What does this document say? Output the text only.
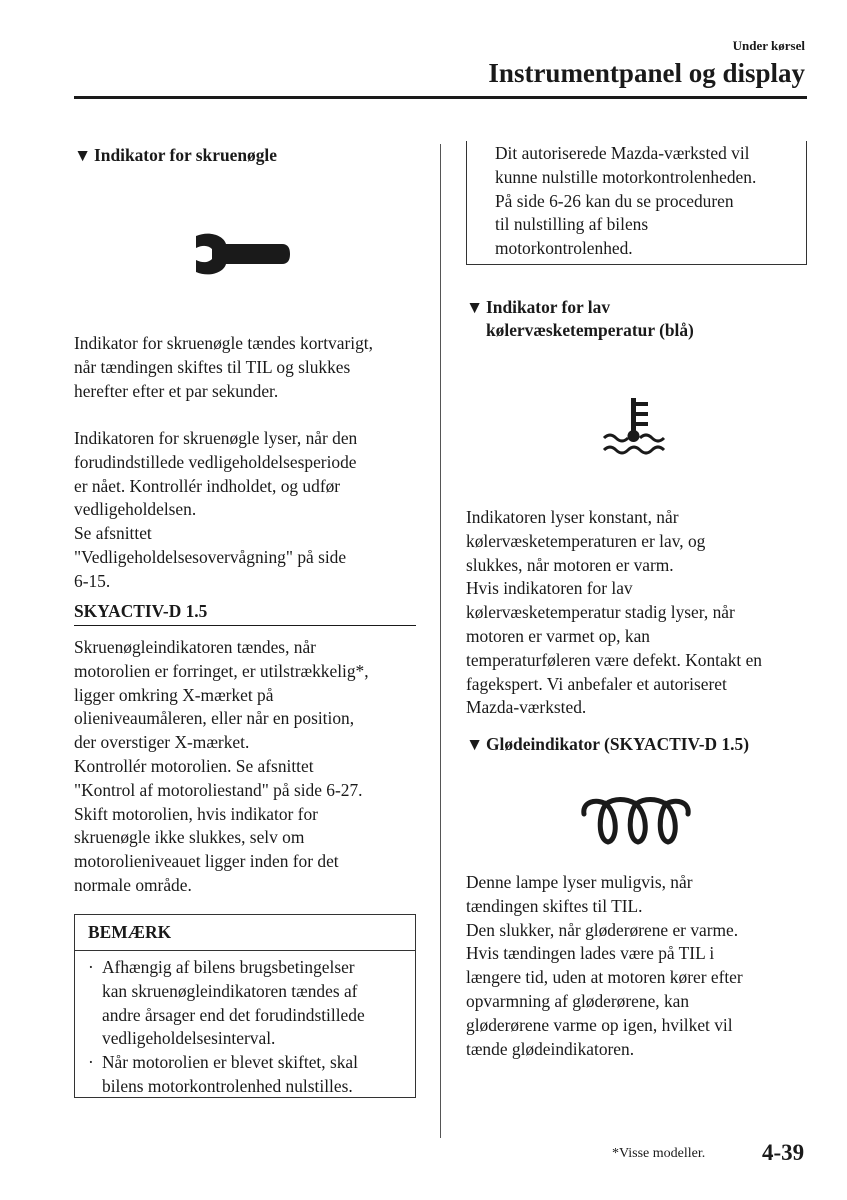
Under kørsel
Instrumentpanel og display
▼ Indikator for skruenøgle

Indikator for skruenøgle tændes kortvarigt,

når tændingen skiftes til TIL og slukkes

herefter efter et par sekunder.

Indikatoren for skruenøgle lyser, når den

forudindstillede vedligeholdelsesperiode

er nået. Kontrollér indholdet, og udfør

vedligeholdelsen.

Se afsnittet

"Vedligeholdelsesovervågning" på side

6-15.

SKYACTIV-D 1.5

Skruenøgleindikatoren tændes, når

motorolien er forringet, er utilstrækkelig*,

ligger omkring X-mærket på

olieniveaumåleren, eller når en position,

der overstiger X-mærket.

Kontrollér motorolien. Se afsnittet

"Kontrol af motoroliestand" på side 6-27.

Skift motorolien, hvis indikator for

skruenøgle ikke slukkes, selv om

motorolieniveauet ligger inden for det

normale område.

BEMÆRK
· Afhængig af bilens brugsbetingelser

kan skruenøgleindikatoren tændes af

andre årsager end det forudindstillede

vedligeholdelsesinterval.

· Når motorolien er blevet skiftet, skal

bilens motorkontrolenhed nulstilles.

Dit autoriserede Mazda-værksted vil

kunne nulstille motorkontrolenheden.

På side 6-26 kan du se proceduren

til nulstilling af bilens

motorkontrolenhed.

▼ Indikator for lav
kølervæsketemperatur (blå)

Indikatoren lyser konstant, når

kølervæsketemperaturen er lav, og

slukkes, når motoren er varm.

Hvis indikatoren for lav

kølervæsketemperatur stadig lyser, når

motoren er varmet op, kan

temperaturføleren være defekt. Kontakt en

fagekspert. Vi anbefaler et autoriseret

Mazda-værksted.

▼ Glødeindikator (SKYACTIV-D 1.5)

Denne lampe lyser muligvis, når

tændingen skiftes til TIL.

Den slukker, når gløderørene er varme.

Hvis tændingen lades være på TIL i

længere tid, uden at motoren kører efter

opvarmning af gløderørene, kan

gløderørene varme op igen, hvilket vil

tænde glødeindikatoren.

*Visse modeller. 4-39
